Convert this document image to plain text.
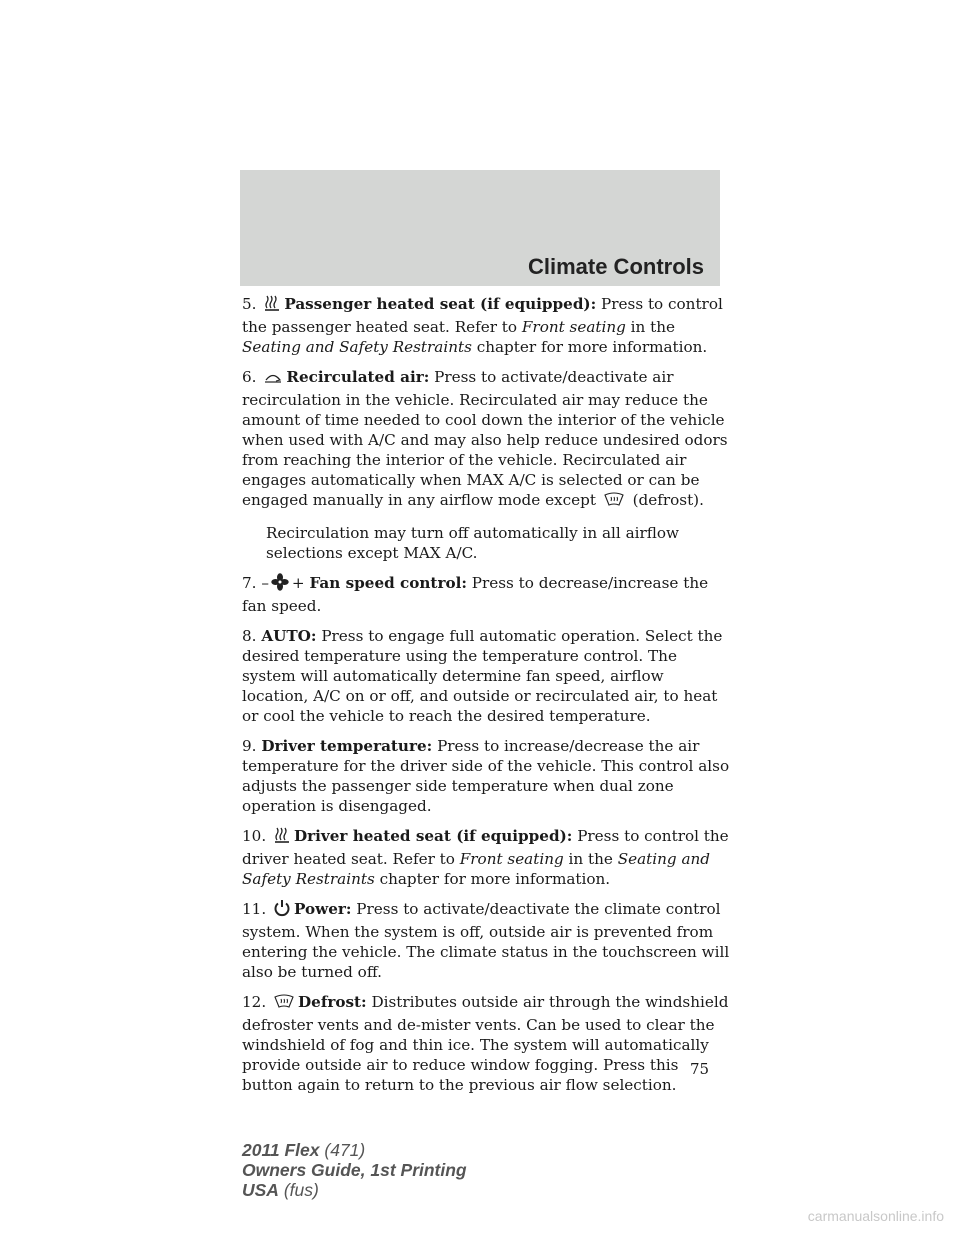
Climate Controls

5. Passenger heated seat (if equipped): Press to control the passenger heated seat. Refer to Front seating in the Seating and Safety Restraints chapter for more information.

6. Recirculated air: Press to activate/deactivate air recirculation in the vehicle. Recirculated air may reduce the amount of time needed to cool down the interior of the vehicle when used with A/C and may also help reduce undesired odors from reaching the interior of the vehicle. Recirculated air engages automatically when MAX A/C is selected or can be engaged manually in any airflow mode except  (defrost).

Recirculation may turn off automatically in all airflow selections except MAX A/C.

7. – + Fan speed control: Press to decrease/increase the fan speed.

8. AUTO: Press to engage full automatic operation. Select the desired temperature using the temperature control. The system will automatically determine fan speed, airflow location, A/C on or off, and outside or recirculated air, to heat or cool the vehicle to reach the desired temperature.

9. Driver temperature: Press to increase/decrease the air temperature for the driver side of the vehicle. This control also adjusts the passenger side temperature when dual zone operation is disengaged.

10. Driver heated seat (if equipped): Press to control the driver heated seat. Refer to Front seating in the Seating and Safety Restraints chapter for more information.

11. Power: Press to activate/deactivate the climate control system. When the system is off, outside air is prevented from entering the vehicle. The climate status in the touchscreen will also be turned off.

12. Defrost: Distributes outside air through the windshield defroster vents and de-mister vents. Can be used to clear the windshield of fog and thin ice. The system will automatically provide outside air to reduce window fogging. Press this button again to return to the previous air flow selection.

75
2011 Flex (471)
Owners Guide, 1st Printing
USA (fus)
carmanualsonline.info
